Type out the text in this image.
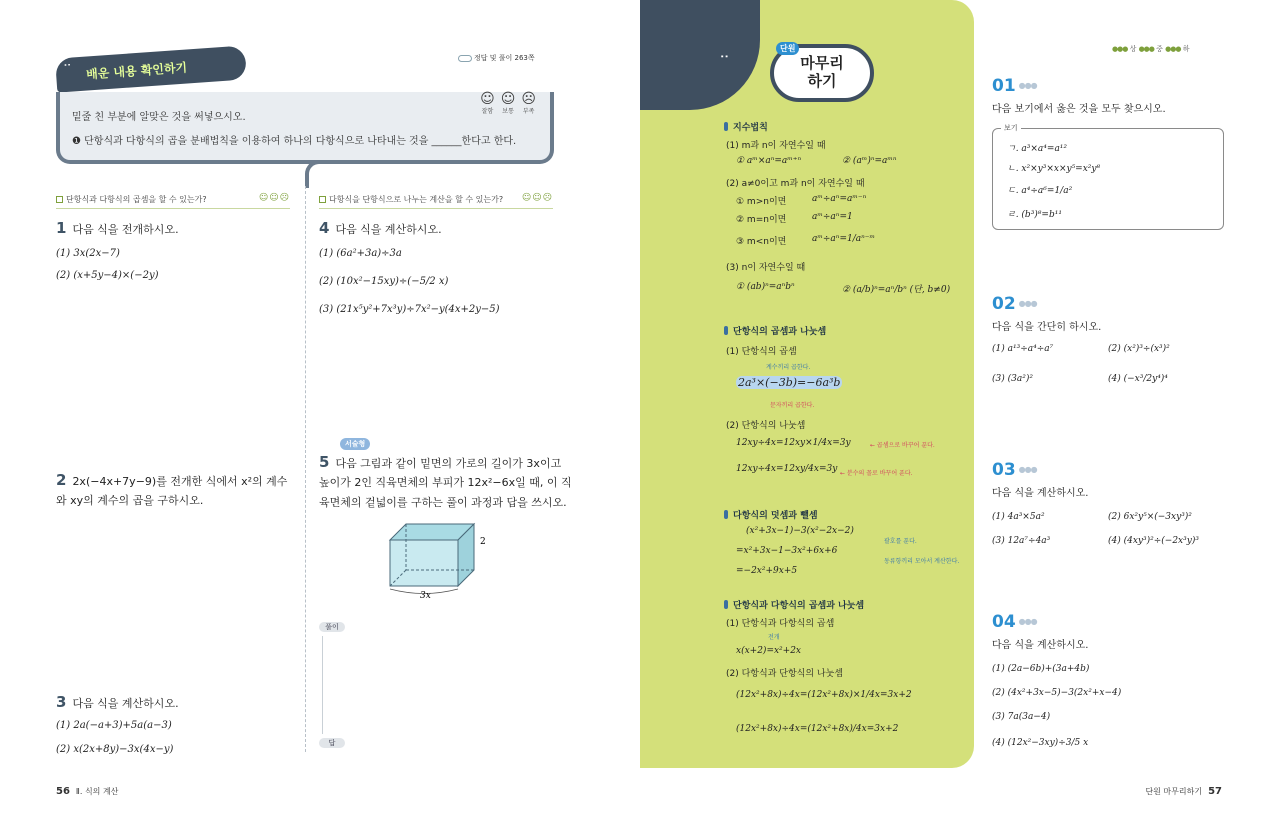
ᐝᐝ 배운 내용 확인하기
정답 및 풀이 263쪽
☺
잘함
☺
보통
☹
부족
밑줄 친 부분에 알맞은 것을 써넣으시오.
❶ 단항식과 다항식의 곱을 분배법칙을 이용하여 하나의 다항식으로 나타내는 것을 ______한다고 한다.
단항식과 다항식의 곱셈을 할 수 있는가?	☺☺☹	다항식을 단항식으로 나누는 계산을 할 수 있는가? ☺☺☹
1 다음 식을 전개하시오.
(1) 3x(2x−7)
(2) (x+5y−4)×(−2y)
2 2x(−4x+7y−9)를 전개한 식에서 x²의 계수
와 xy의 계수의 곱을 구하시오.
3 다음 식을 계산하시오.
(1) 2a(−a+3)+5a(a−3)
(2) x(2x+8y)−3x(4x−y)
4 다음 식을 계산하시오.
(1) (6a²+3a)÷3a
(2) (10x²−15xy)÷(−5/2 x)
(3) (21x⁵y²+7x³y)÷7x²−y(4x+2y−5)
서술형
5 다음 그림과 같이 밑면의 가로의 길이가 3x이고
높이가 2인 직육면체의 부피가 12x²−6x일 때, 이 직
육면체의 겉넓이를 구하는 풀이 과정과 답을 쓰시오.
3x
2
풀이
답
56 Ⅱ. 식의 계산
ᐝᐝ
단원
마무리
하기
●●● 상 ●●● 중 ●●● 하
지수법칙
(1) m과 n이 자연수일 때
① aᵐ×aⁿ=aᵐ⁺ⁿ	② (aᵐ)ⁿ=aᵐⁿ
(2) a≠0이고 m과 n이 자연수일 때
① m>n이면	aᵐ÷aⁿ=aᵐ⁻ⁿ
② m=n이면	aᵐ÷aⁿ=1
③ m<n이면	aᵐ÷aⁿ=1/aⁿ⁻ᵐ
(3) n이 자연수일 때
① (ab)ⁿ=aⁿbⁿ	② (a/b)ⁿ=aⁿ/bⁿ (단, b≠0)
단항식의 곱셈과 나눗셈
(1) 단항식의 곱셈
계수끼리 곱한다.
2a³×(−3b)=−6a³b
문자끼리 곱한다.
(2) 단항식의 나눗셈
12xy÷4x=12xy×1/4x=3y	← 곱셈으로 바꾸어 푼다.
12xy÷4x=12xy/4x=3y ← 분수의 꼴로 바꾸어 푼다.
다항식의 덧셈과 뺄셈
(x²+3x−1)−3(x²−2x−2)
=x²+3x−1−3x²+6x+6
=−2x²+9x+5
괄호를 푼다.
동류항끼리 모아서 계산한다.
단항식과 다항식의 곱셈과 나눗셈
(1) 단항식과 다항식의 곱셈
전개
x(x+2)=x²+2x
(2) 다항식과 단항식의 나눗셈
(12x²+8x)÷4x=(12x²+8x)×1/4x=3x+2
(12x²+8x)÷4x=(12x²+8x)/4x=3x+2
01 ●●●
다음 보기에서 옳은 것을 모두 찾으시오.
보기
ㄱ. a³×a⁴=a¹²
ㄴ. x²×y³×x×y⁵=x²y⁸
ㄷ. a⁴÷a⁶=1/a²
ㄹ. (b³)⁸=b¹¹
02 ●●●
다음 식을 간단히 하시오.
(1) a¹³÷a⁴÷a⁷	(2) (x²)³÷(x³)²
(3) (3a²)²	(4) (−x³/2y⁴)⁴
03 ●●●
다음 식을 계산하시오.
(1) 4a³×5a²	(2) 6x²y⁵×(−3xy³)²
(3) 12a⁷÷4a³	(4) (4xy³)²÷(−2x³y)³
04 ●●●
다음 식을 계산하시오.
(1) (2a−6b)+(3a+4b)
(2) (4x²+3x−5)−3(2x²+x−4)
(3) 7a(3a−4)
(4) (12x²−3xy)÷3/5 x
단원 마무리하기 57
